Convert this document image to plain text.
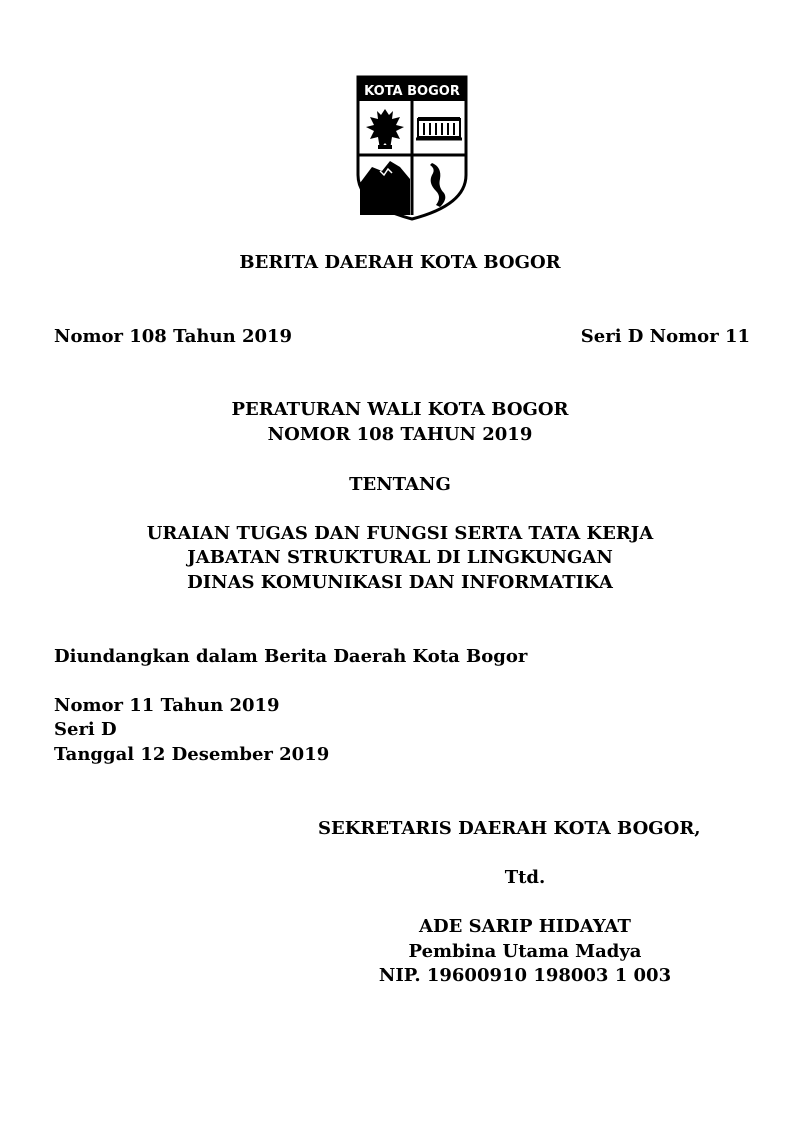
KOTA BOGOR
BERITA DAERAH KOTA BOGOR
Nomor 108 Tahun 2019	Seri D Nomor 11
PERATURAN WALI KOTA BOGOR
NOMOR 108 TAHUN 2019
TENTANG
URAIAN TUGAS DAN FUNGSI SERTA TATA KERJA
JABATAN STRUKTURAL DI LINGKUNGAN
DINAS KOMUNIKASI DAN INFORMATIKA
Diundangkan dalam Berita Daerah Kota Bogor
Nomor 11 Tahun 2019
Seri D
Tanggal 12 Desember 2019
SEKRETARIS DAERAH KOTA BOGOR,
Ttd.
ADE SARIP HIDAYAT
Pembina Utama Madya
NIP. 19600910 198003 1 003
